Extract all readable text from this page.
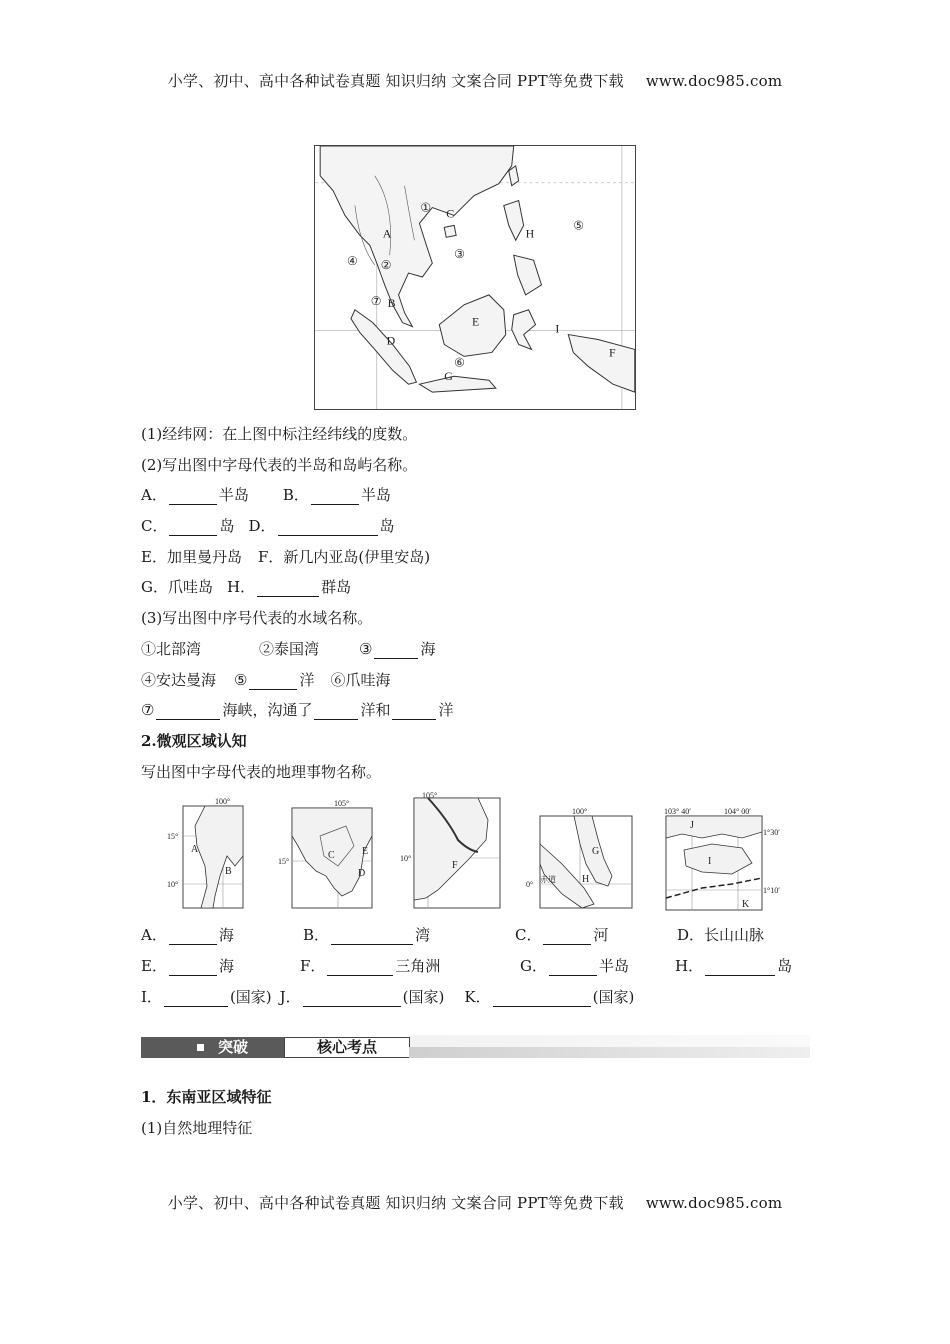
小学、初中、高中各种试卷真题 知识归纳 文案合同 PPT等免费下载 www.doc985.com
A
B
C
D
E
F
G
H
I
①
②
③
④
⑤
⑥
⑦
(1)经纬网：在上图中标注经纬线的度数。
(2)写出图中字母代表的半岛和岛屿名称。
A．	半岛 B．	半岛
C．	岛 D．	岛
E．加里曼丹岛 F．新几内亚岛(伊里安岛)
G．爪哇岛 H．	群岛
(3)写出图中序号代表的水域名称。
①北部湾	②泰国湾	③	海
④安达曼海 ⑤	洋 ⑥爪哇海
⑦	海峡，沟通了	洋和	洋
2.微观区域认知
写出图中字母代表的地理事物名称。
100°
15°
10°
A
B
105°
15°
C	E
D
105°
10°
F
100°
0°
赤道
G
H
103° 40′	104° 00′
1°30′
1°10′
J
I
K
A．	海	B．	湾	C．	河	D．长山山脉
E．	海	F．	三角洲	G．	半岛	H．	岛
I．	(国家) J．	(国家) K．	(国家)
突破	核心考点
1．东南亚区域特征
(1)自然地理特征
小学、初中、高中各种试卷真题 知识归纳 文案合同 PPT等免费下载 www.doc985.com
